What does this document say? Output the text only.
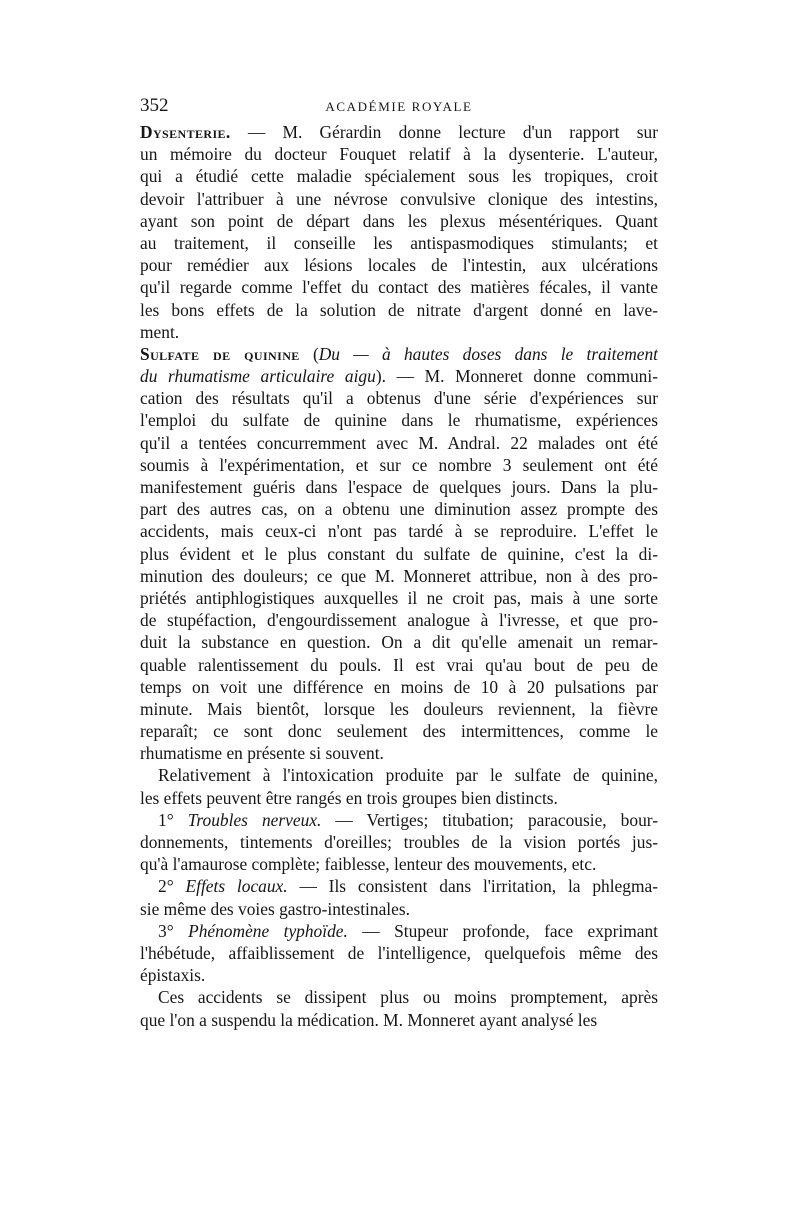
352	ACADÉMIE ROYALE
Dysenterie. — M. Gérardin donne lecture d'un rapport sur
un mémoire du docteur Fouquet relatif à la dysenterie. L'auteur,
qui a étudié cette maladie spécialement sous les tropiques, croit
devoir l'attribuer à une névrose convulsive clonique des intestins,
ayant son point de départ dans les plexus mésentériques. Quant
au traitement, il conseille les antispasmodiques stimulants; et
pour remédier aux lésions locales de l'intestin, aux ulcérations
qu'il regarde comme l'effet du contact des matières fécales, il vante
les bons effets de la solution de nitrate d'argent donné en lave-
ment.
Sulfate de quinine (Du — à hautes doses dans le traitement
du rhumatisme articulaire aigu). — M. Monneret donne communi-
cation des résultats qu'il a obtenus d'une série d'expériences sur
l'emploi du sulfate de quinine dans le rhumatisme, expériences
qu'il a tentées concurremment avec M. Andral. 22 malades ont été
soumis à l'expérimentation, et sur ce nombre 3 seulement ont été
manifestement guéris dans l'espace de quelques jours. Dans la plu-
part des autres cas, on a obtenu une diminution assez prompte des
accidents, mais ceux-ci n'ont pas tardé à se reproduire. L'effet le
plus évident et le plus constant du sulfate de quinine, c'est la di-
minution des douleurs; ce que M. Monneret attribue, non à des pro-
priétés antiphlogistiques auxquelles il ne croit pas, mais à une sorte
de stupéfaction, d'engourdissement analogue à l'ivresse, et que pro-
duit la substance en question. On a dit qu'elle amenait un remar-
quable ralentissement du pouls. Il est vrai qu'au bout de peu de
temps on voit une différence en moins de 10 à 20 pulsations par
minute. Mais bientôt, lorsque les douleurs reviennent, la fièvre
reparaît; ce sont donc seulement des intermittences, comme le
rhumatisme en présente si souvent.
Relativement à l'intoxication produite par le sulfate de quinine,
les effets peuvent être rangés en trois groupes bien distincts.
1° Troubles nerveux. — Vertiges; titubation; paracousie, bour-
donnements, tintements d'oreilles; troubles de la vision portés jus-
qu'à l'amaurose complète; faiblesse, lenteur des mouvements, etc.
2° Effets locaux. — Ils consistent dans l'irritation, la phlegma-
sie même des voies gastro-intestinales.
3° Phénomène typhoïde. — Stupeur profonde, face exprimant
l'hébétude, affaiblissement de l'intelligence, quelquefois même des
épistaxis.
Ces accidents se dissipent plus ou moins promptement, après
que l'on a suspendu la médication. M. Monneret ayant analysé les
